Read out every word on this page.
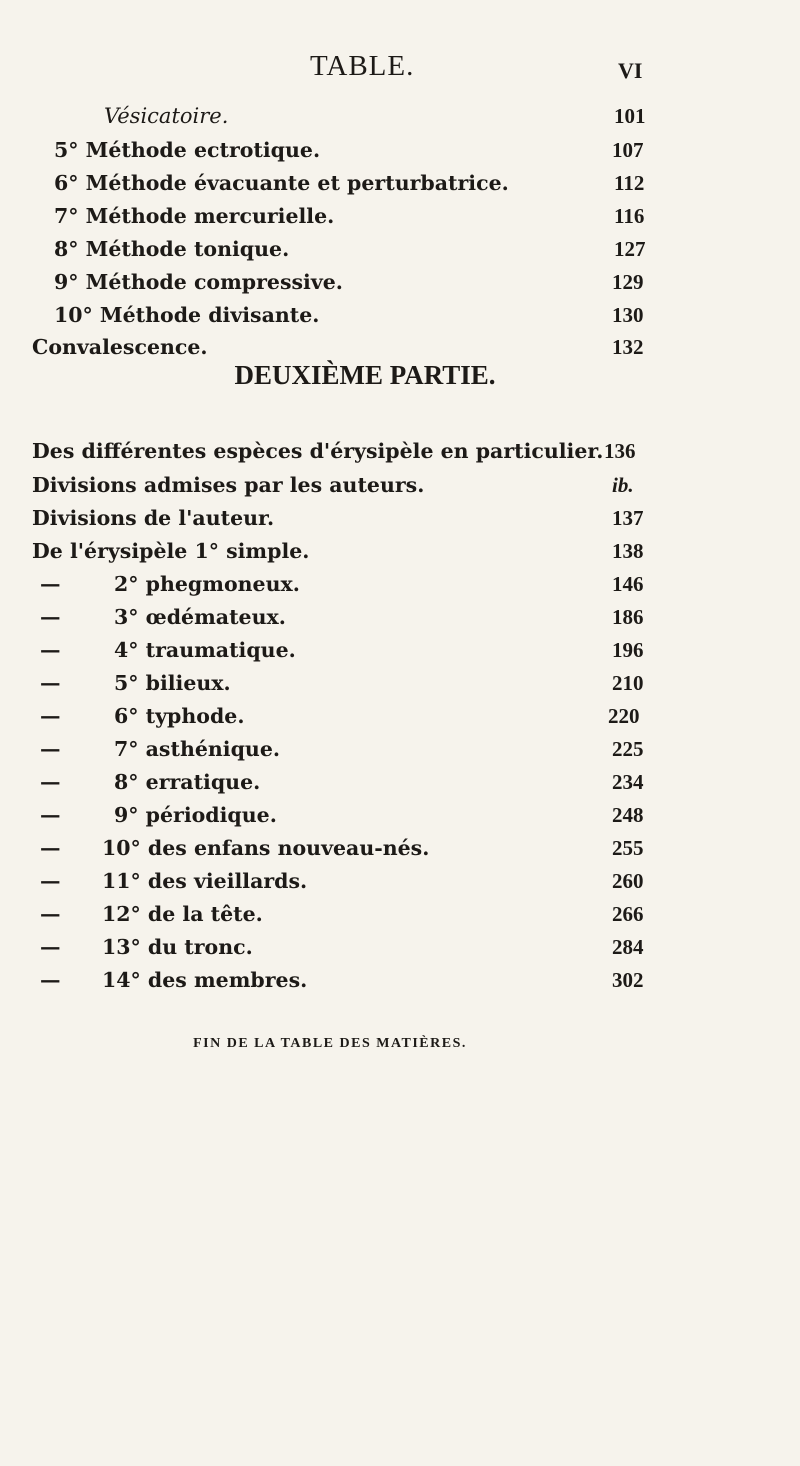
TABLE.	VI
Vésicatoire.	101
5° Méthode ectrotique.	107
6° Méthode évacuante et perturbatrice.	112
7° Méthode mercurielle.	116
8° Méthode tonique.	127
9° Méthode compressive.	129
10° Méthode divisante.	130
Convalescence.	132
DEUXIÈME PARTIE.
Des différentes espèces d'érysipèle en particulier. 136
Divisions admises par les auteurs.	ib.
Divisions de l'auteur.	137
De l'érysipèle 1° simple.	138
—	2° phegmoneux.	146
—	3° œdémateux.	186
—	4° traumatique.	196
—	5° bilieux.	210
—	6° typhode.	220
—	7° asthénique.	225
—	8° erratique.	234
—	9° périodique.	248
— 10° des enfans nouveau-nés.	255
— 11° des vieillards.	260
— 12° de la tête.	266
— 13° du tronc.	284
— 14° des membres.	302
FIN DE LA TABLE DES MATIÈRES.
